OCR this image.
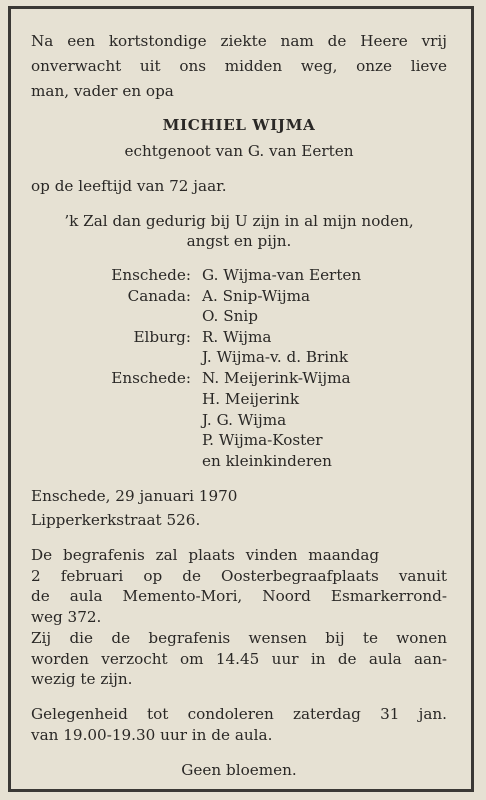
Na een kortstondige ziekte nam de Heere vrij
onverwacht uit ons midden weg, onze lieve
man, vader en opa
MICHIEL WIJMA
echtgenoot van G. van Eerten
op de leeftijd van 72 jaar.
’k Zal dan gedurig bij U zijn in al mijn noden,
angst en pijn.
Enschede: G. Wijma-van Eerten
Canada: A. Snip-Wijma
O. Snip
Elburg: R. Wijma
J. Wijma-v. d. Brink
Enschede: N. Meijerink-Wijma
H. Meijerink
J. G. Wijma
P. Wijma-Koster
en kleinkinderen
Enschede, 29 januari 1970
Lipperkerkstraat 526.
De begrafenis zal plaats vinden maandag
2 februari op de Oosterbegraafplaats vanuit
de aula Memento-Mori, Noord Esmarkerrond-
weg 372.
Zij die de begrafenis wensen bij te wonen
worden verzocht om 14.45 uur in de aula aan-
wezig te zijn.
Gelegenheid tot condoleren zaterdag 31 jan.
van 19.00-19.30 uur in de aula.
Geen bloemen.
